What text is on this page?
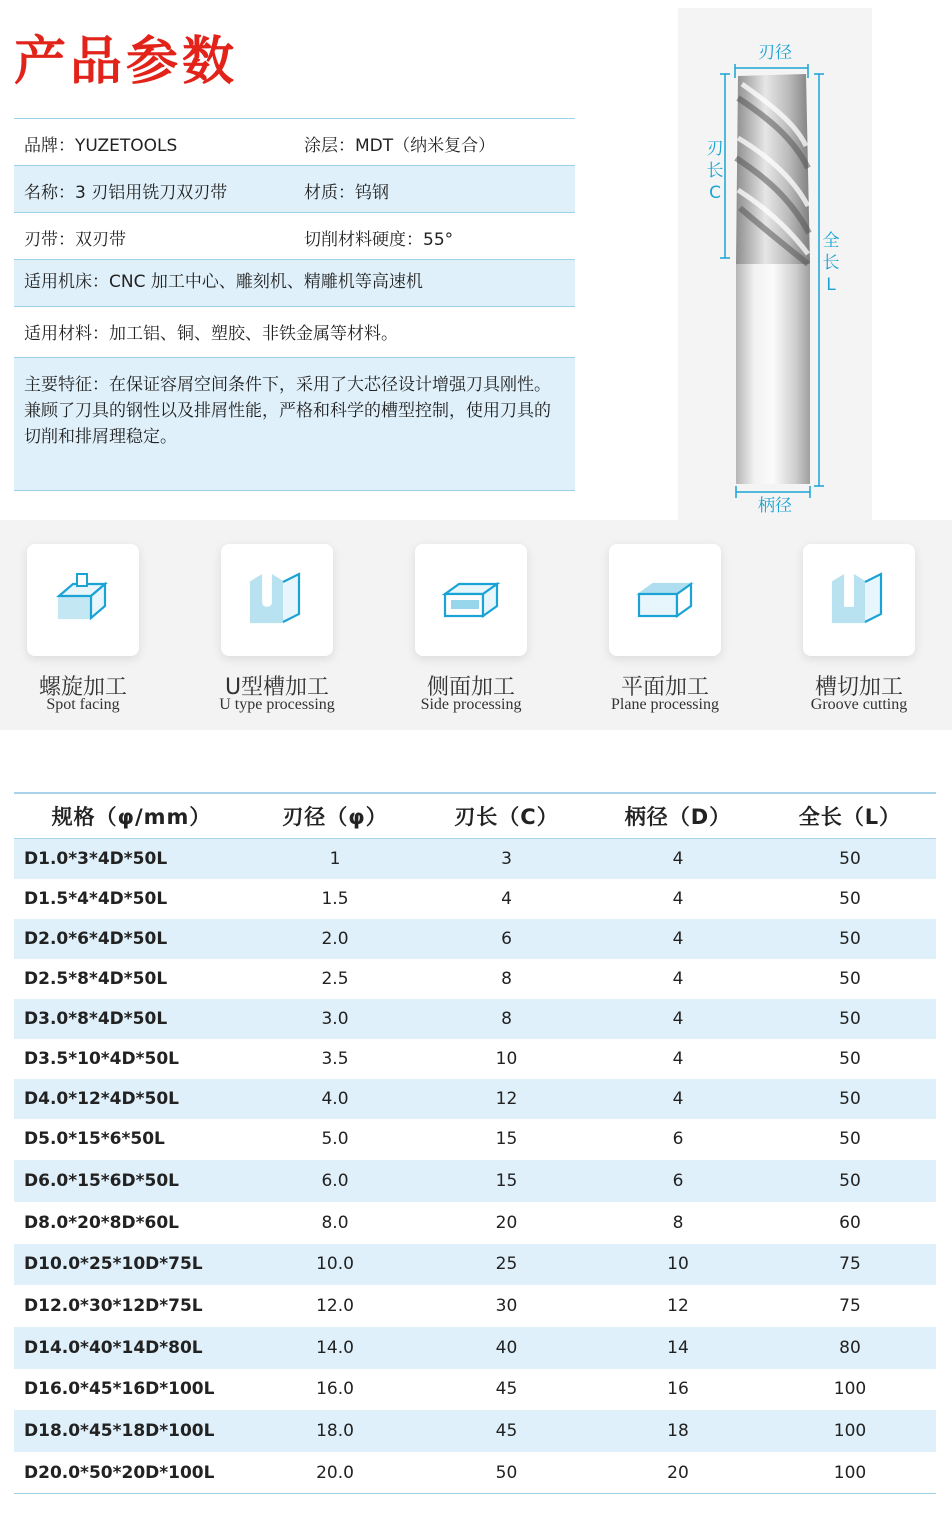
产品参数
品牌：YUZETOOLS	涂层：MDT（纳米复合）
名称：3 刃铝用铣刀双刃带	材质：钨钢
刃带：双刃带	切削材料硬度：55°
适用机床：CNC 加工中心、雕刻机、精雕机等高速机
适用材料：加工铝、铜、塑胶、非铁金属等材料。
主要特征：在保证容屑空间条件下，采用了大芯径设计增强刀具刚性。兼顾了刀具的钢性以及排屑性能，严格和科学的槽型控制，使用刀具的切削和排屑理稳定。
刃径
刃
长
C
全
长
L
柄径
螺旋加工
Spot facing
U型槽加工
U type processing
侧面加工
Side processing
平面加工
Plane processing
槽切加工
Groove cutting
规格（φ/mm）	刃径（φ）	刃长（C）	柄径（D）	全长（L）
D1.0*3*4D*50L	1	3	4	50
D1.5*4*4D*50L	1.5	4	4	50
D2.0*6*4D*50L	2.0	6	4	50
D2.5*8*4D*50L	2.5	8	4	50
D3.0*8*4D*50L	3.0	8	4	50
D3.5*10*4D*50L	3.5	10	4	50
D4.0*12*4D*50L	4.0	12	4	50
D5.0*15*6*50L	5.0	15	6	50
D6.0*15*6D*50L	6.0	15	6	50
D8.0*20*8D*60L	8.0	20	8	60
D10.0*25*10D*75L	10.0	25	10	75
D12.0*30*12D*75L	12.0	30	12	75
D14.0*40*14D*80L	14.0	40	14	80
D16.0*45*16D*100L	16.0	45	16	100
D18.0*45*18D*100L	18.0	45	18	100
D20.0*50*20D*100L	20.0	50	20	100
